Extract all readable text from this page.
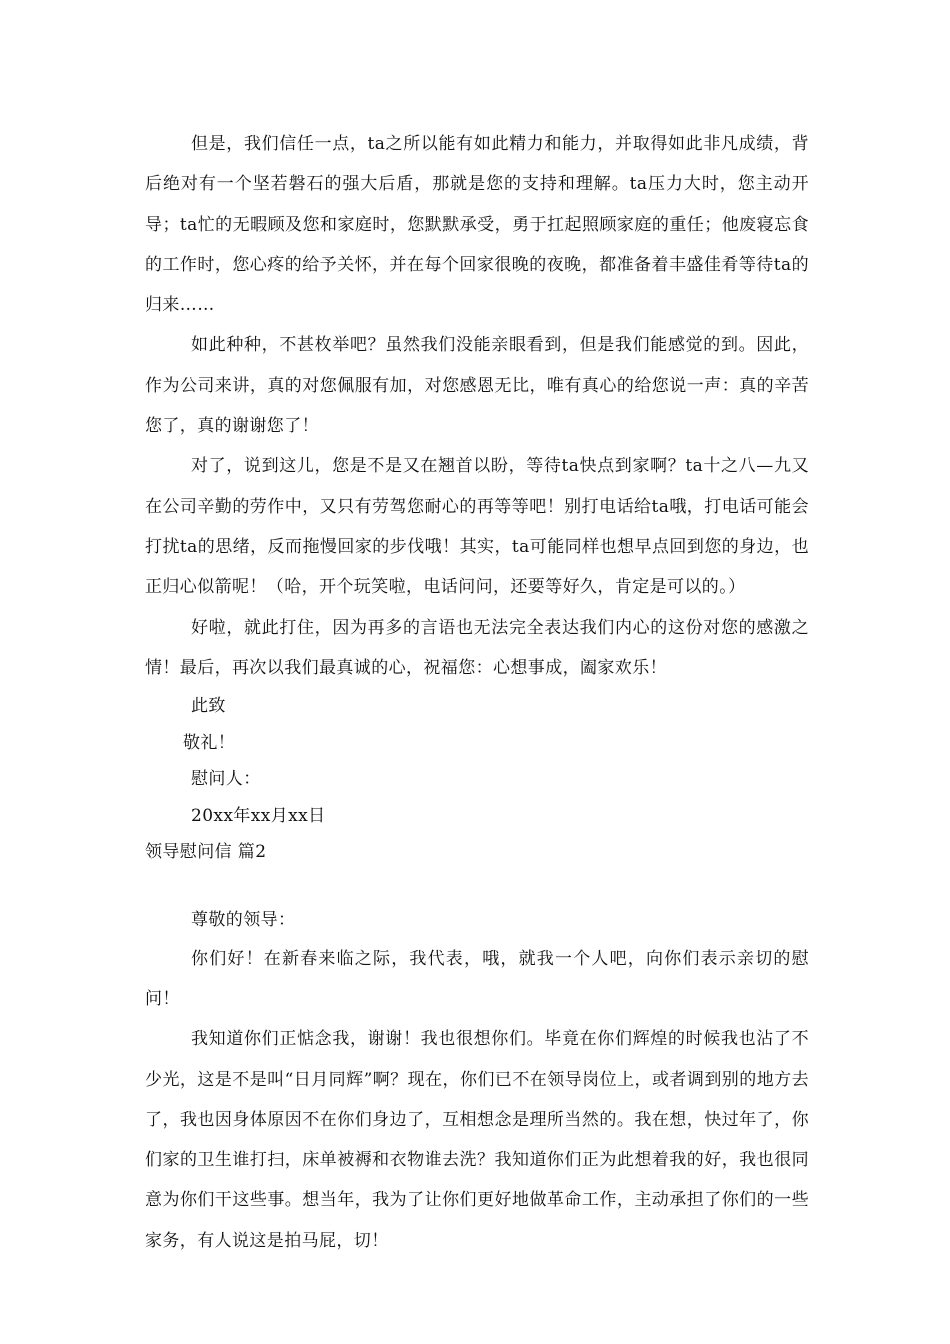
但是，我们信任一点，ta之所以能有如此精力和能力，并取得如此非凡成绩，背后绝对有一个坚若磐石的强大后盾，那就是您的支持和理解。ta压力大时，您主动开导；ta忙的无暇顾及您和家庭时，您默默承受，勇于扛起照顾家庭的重任；他废寝忘食的工作时，您心疼的给予关怀，并在每个回家很晚的夜晚，都准备着丰盛佳肴等待ta的归来……

如此种种，不甚枚举吧？虽然我们没能亲眼看到，但是我们能感觉的到。因此，作为公司来讲，真的对您佩服有加，对您感恩无比，唯有真心的给您说一声：真的辛苦您了，真的谢谢您了！

对了，说到这儿，您是不是又在翘首以盼，等待ta快点到家啊？ta十之八—九又在公司辛勤的劳作中，又只有劳驾您耐心的再等等吧！别打电话给ta哦，打电话可能会打扰ta的思绪，反而拖慢回家的步伐哦！其实，ta可能同样也想早点回到您的身边，也正归心似箭呢！（哈，开个玩笑啦，电话问问，还要等好久，肯定是可以的。）

好啦，就此打住，因为再多的言语也无法完全表达我们内心的这份对您的感激之情！最后，再次以我们最真诚的心，祝福您：心想事成，阖家欢乐！

此致

敬礼！

慰问人：

20xx年xx月xx日

领导慰问信 篇2

尊敬的领导：

你们好！在新春来临之际，我代表，哦，就我一个人吧，向你们表示亲切的慰问！

我知道你们正惦念我，谢谢！我也很想你们。毕竟在你们辉煌的时候我也沾了不少光，这是不是叫“日月同辉”啊？现在，你们已不在领导岗位上，或者调到别的地方去了，我也因身体原因不在你们身边了，互相想念是理所当然的。我在想，快过年了，你们家的卫生谁打扫，床单被褥和衣物谁去洗？我知道你们正为此想着我的好，我也很同意为你们干这些事。想当年，我为了让你们更好地做革命工作，主动承担了你们的一些家务，有人说这是拍马屁，切！
